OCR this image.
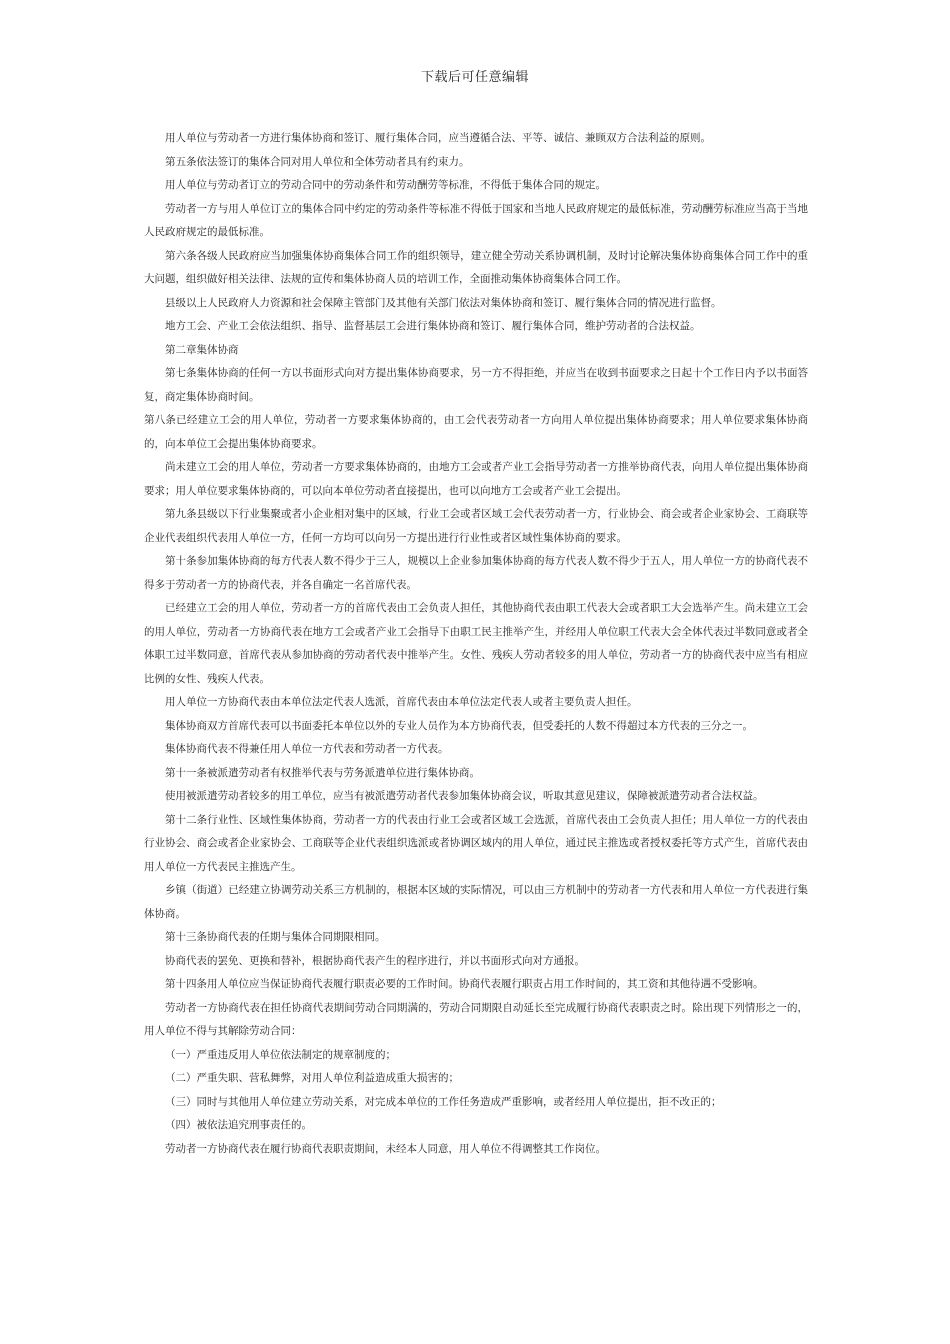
下载后可任意编辑

用人单位与劳动者一方进行集体协商和签订、履行集体合同，应当遵循合法、平等、诚信、兼顾双方合法利益的原则。

第五条依法签订的集体合同对用人单位和全体劳动者具有约束力。

用人单位与劳动者订立的劳动合同中的劳动条件和劳动酬劳等标准，不得低于集体合同的规定。

劳动者一方与用人单位订立的集体合同中约定的劳动条件等标准不得低于国家和当地人民政府规定的最低标准，劳动酬劳标准应当高于当地人民政府规定的最低标准。

第六条各级人民政府应当加强集体协商集体合同工作的组织领导，建立健全劳动关系协调机制，及时讨论解决集体协商集体合同工作中的重大问题，组织做好相关法律、法规的宣传和集体协商人员的培训工作，全面推动集体协商集体合同工作。

县级以上人民政府人力资源和社会保障主管部门及其他有关部门依法对集体协商和签订、履行集体合同的情况进行监督。

地方工会、产业工会依法组织、指导、监督基层工会进行集体协商和签订、履行集体合同，维护劳动者的合法权益。

第二章集体协商

第七条集体协商的任何一方以书面形式向对方提出集体协商要求，另一方不得拒绝，并应当在收到书面要求之日起十个工作日内予以书面答复，商定集体协商时间。

第八条已经建立工会的用人单位，劳动者一方要求集体协商的，由工会代表劳动者一方向用人单位提出集体协商要求；用人单位要求集体协商的，向本单位工会提出集体协商要求。

尚未建立工会的用人单位，劳动者一方要求集体协商的，由地方工会或者产业工会指导劳动者一方推举协商代表，向用人单位提出集体协商要求；用人单位要求集体协商的，可以向本单位劳动者直接提出，也可以向地方工会或者产业工会提出。

第九条县级以下行业集聚或者小企业相对集中的区域，行业工会或者区域工会代表劳动者一方，行业协会、商会或者企业家协会、工商联等企业代表组织代表用人单位一方，任何一方均可以向另一方提出进行行业性或者区域性集体协商的要求。

第十条参加集体协商的每方代表人数不得少于三人，规模以上企业参加集体协商的每方代表人数不得少于五人，用人单位一方的协商代表不得多于劳动者一方的协商代表，并各自确定一名首席代表。

已经建立工会的用人单位，劳动者一方的首席代表由工会负责人担任，其他协商代表由职工代表大会或者职工大会选举产生。尚未建立工会的用人单位，劳动者一方协商代表在地方工会或者产业工会指导下由职工民主推举产生，并经用人单位职工代表大会全体代表过半数同意或者全体职工过半数同意，首席代表从参加协商的劳动者代表中推举产生。女性、残疾人劳动者较多的用人单位，劳动者一方的协商代表中应当有相应比例的女性、残疾人代表。

用人单位一方协商代表由本单位法定代表人选派，首席代表由本单位法定代表人或者主要负责人担任。

集体协商双方首席代表可以书面委托本单位以外的专业人员作为本方协商代表，但受委托的人数不得超过本方代表的三分之一。

集体协商代表不得兼任用人单位一方代表和劳动者一方代表。

第十一条被派遣劳动者有权推举代表与劳务派遣单位进行集体协商。

使用被派遣劳动者较多的用工单位，应当有被派遣劳动者代表参加集体协商会议，听取其意见建议，保障被派遣劳动者合法权益。

第十二条行业性、区域性集体协商，劳动者一方的代表由行业工会或者区域工会选派，首席代表由工会负责人担任；用人单位一方的代表由行业协会、商会或者企业家协会、工商联等企业代表组织选派或者协调区域内的用人单位，通过民主推选或者授权委托等方式产生，首席代表由用人单位一方代表民主推选产生。

乡镇（街道）已经建立协调劳动关系三方机制的，根据本区域的实际情况，可以由三方机制中的劳动者一方代表和用人单位一方代表进行集体协商。

第十三条协商代表的任期与集体合同期限相同。

协商代表的罢免、更换和替补，根据协商代表产生的程序进行，并以书面形式向对方通报。

第十四条用人单位应当保证协商代表履行职责必要的工作时间。协商代表履行职责占用工作时间的，其工资和其他待遇不受影响。

劳动者一方协商代表在担任协商代表期间劳动合同期满的，劳动合同期限自动延长至完成履行协商代表职责之时。除出现下列情形之一的，用人单位不得与其解除劳动合同：

（一）严重违反用人单位依法制定的规章制度的；

（二）严重失职、营私舞弊，对用人单位利益造成重大损害的；

（三）同时与其他用人单位建立劳动关系，对完成本单位的工作任务造成严重影响，或者经用人单位提出，拒不改正的；

（四）被依法追究刑事责任的。

劳动者一方协商代表在履行协商代表职责期间，未经本人同意，用人单位不得调整其工作岗位。
